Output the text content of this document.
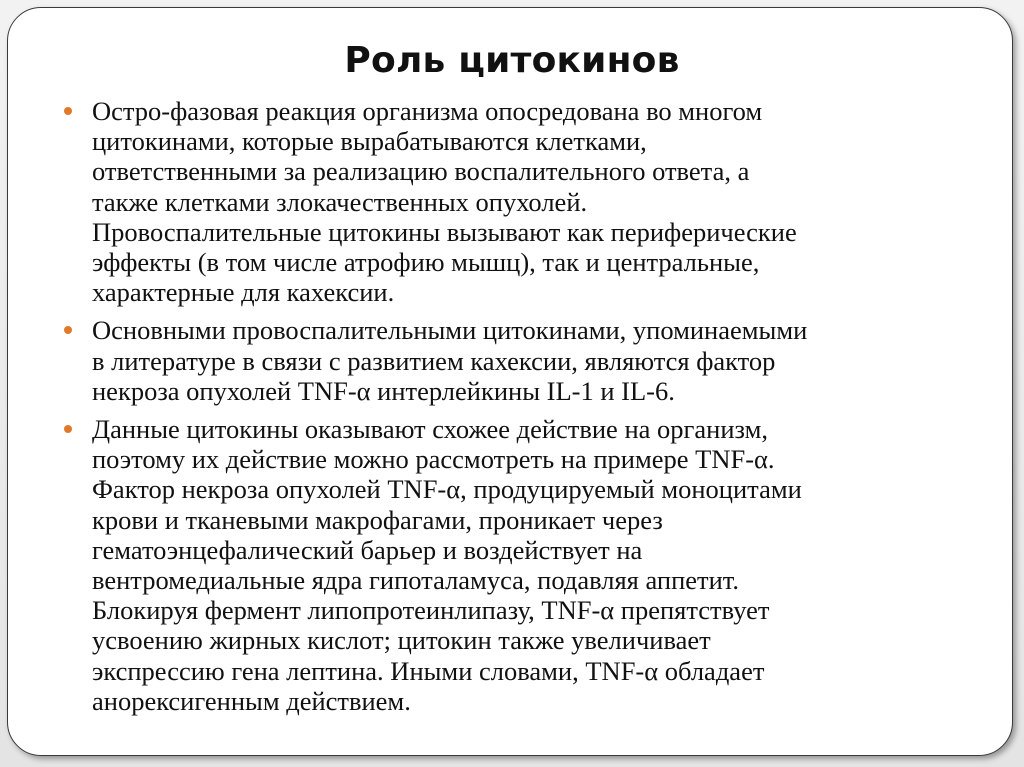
Роль цитокинов
Остро-фазовая реакция организма опосредована во многом
цитокинами, которые вырабатываются клетками,
ответственными за реализацию воспалительного ответа, а
также клетками злокачественных опухолей.
Провоспалительные цитокины вызывают как периферические
эффекты (в том числе атрофию мышц), так и центральные,
характерные для кахексии.
Основными провоспалительными цитокинами, упоминаемыми
в литературе в связи с развитием кахексии, являются фактор
некроза опухолей TNF-α интерлейкины IL-1 и IL-6.
Данные цитокины оказывают схожее действие на организм,
поэтому их действие можно рассмотреть на примере TNF-α.
Фактор некроза опухолей TNF-α, продуцируемый моноцитами
крови и тканевыми макрофагами, проникает через
гематоэнцефалический барьер и воздействует на
вентромедиальные ядра гипоталамуса, подавляя аппетит.
Блокируя фермент липопротеинлипазу, TNF-α препятствует
усвоению жирных кислот; цитокин также увеличивает
экспрессию гена лептина. Иными словами, TNF-α обладает
анорексигенным действием.
